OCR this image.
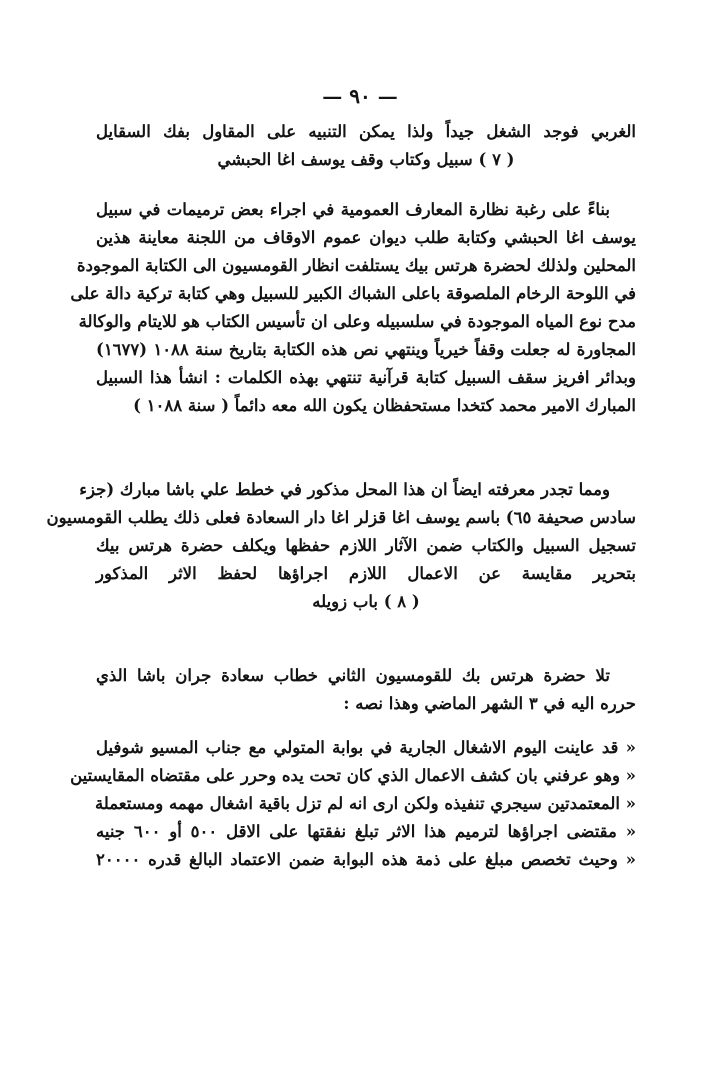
— ٩٠ —
الغربي فوجد الشغل جيداً ولذا يمكن التنبيه على المقاول بفك السقايل
( ٧ ) سبيل وكتاب وقف يوسف اغا الحبشي
بناءً على رغبة نظارة المعارف العمومية في اجراء بعض ترميمات في سبيل
يوسف اغا الحبشي وكتابة طلب ديوان عموم الاوقاف من اللجنة معاينة هذين
المحلين ولذلك لحضرة هرتس بيك يستلفت انظار القومسيون الى الكتابة الموجودة
في اللوحة الرخام الملصوقة باعلى الشباك الكبير للسبيل وهي كتابة تركية دالة على
مدح نوع المياه الموجودة في سلسبيله وعلى ان تأسيس الكتاب هو للايتام والوكالة
المجاورة له جعلت وقفاً خيرياً وينتهي نص هذه الكتابة بتاريخ سنة ١٠٨٨ (١٦٧٧)
وبدائر افريز سقف السبيل كتابة قرآنية تنتهي بهذه الكلمات : انشأ هذا السبيل
المبارك الامير محمد كتخدا مستحفظان يكون الله معه دائماً ( سنة ١٠٨٨ )
ومما تجدر معرفته ايضاً ان هذا المحل مذكور في خطط علي باشا مبارك (جزء
سادس صحيفة ٦٥) باسم يوسف اغا قزلر اغا دار السعادة فعلى ذلك يطلب القومسيون
تسجيل السبيل والكتاب ضمن الآثار اللازم حفظها ويكلف حضرة هرتس بيك
بتحرير مقايسة عن الاعمال اللازم اجراؤها لحفظ الاثر المذكور
( ٨ ) باب زويله
تلا حضرة هرتس بك للقومسيون الثاني خطاب سعادة جران باشا الذي
حرره اليه في ٣ الشهر الماضي وهذا نصه :
« قد عاينت اليوم الاشغال الجارية في بوابة المتولي مع جناب المسيو شوفيل
« وهو عرفني بان كشف الاعمال الذي كان تحت يده وحرر على مقتضاه المقايستين
« المعتمدتين سيجري تنفيذه ولكن ارى انه لم تزل باقية اشغال مهمه ومستعملة
« مقتضى اجراؤها لترميم هذا الاثر تبلغ نفقتها على الاقل ٥٠٠ أو ٦٠٠ جنيه
« وحيث تخصص مبلغ على ذمة هذه البوابة ضمن الاعتماد البالغ قدره ٢٠٠٠٠
